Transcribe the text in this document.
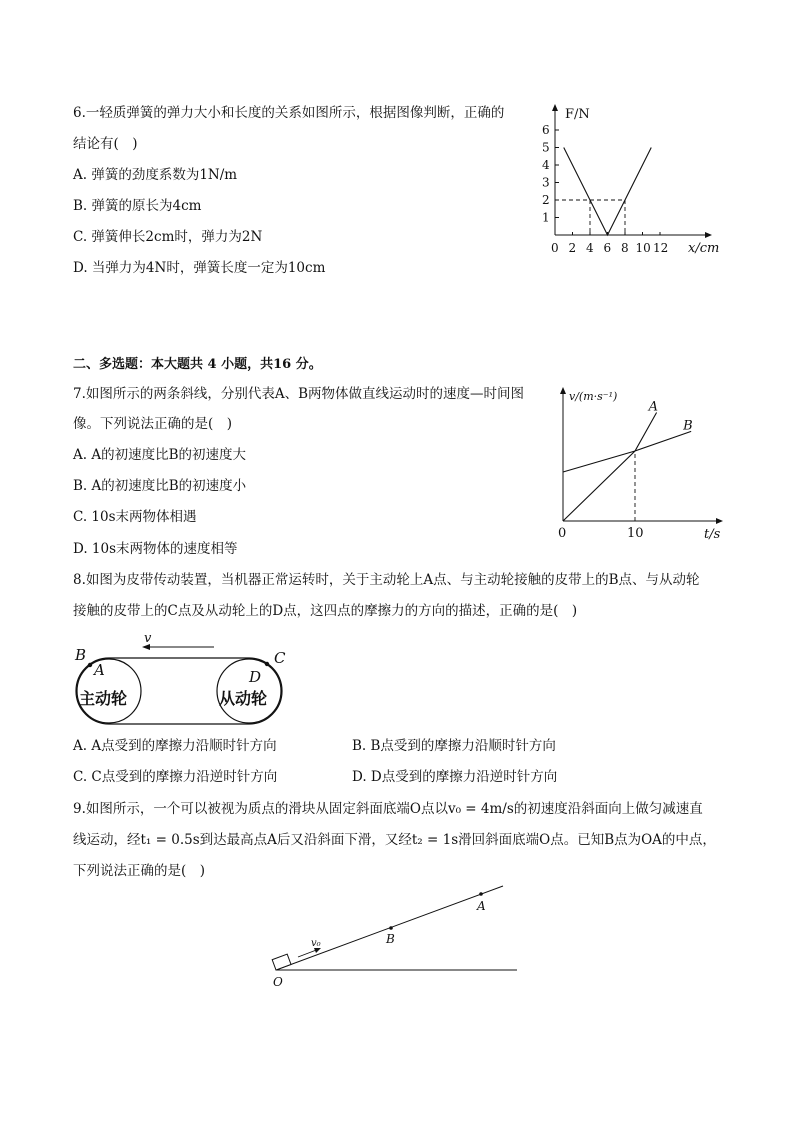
6.一轻质弹簧的弹力大小和长度的关系如图所示，根据图像判断，正确的
结论有(　)
A. 弹簧的劲度系数为1N/m
B. 弹簧的原长为4cm
C. 弹簧伸长2cm时，弹力为2N
D. 当弹力为4N时，弹簧长度一定为10cm
F/N
x/cm
1
2
3
4
5
6
0 2 4 6 8 10 12
二、多选题：本大题共 4 小题，共16 分。
7.如图所示的两条斜线，分别代表A、B两物体做直线运动时的速度—时间图
像。下列说法正确的是(　)
A. A的初速度比B的初速度大
B. A的初速度比B的初速度小
C. 10s末两物体相遇
D. 10s末两物体的速度相等
v/(m·s⁻¹)
t/s
0	10
A
B
8.如图为皮带传动装置，当机器正常运转时，关于主动轮上A点、与主动轮接触的皮带上的B点、与从动轮
接触的皮带上的C点及从动轮上的D点，这四点的摩擦力的方向的描述，正确的是(　)
v
B
A
C
D
主动轮	从动轮
A. A点受到的摩擦力沿顺时针方向	B. B点受到的摩擦力沿顺时针方向
C. C点受到的摩擦力沿逆时针方向	D. D点受到的摩擦力沿逆时针方向
9.如图所示，一个可以被视为质点的滑块从固定斜面底端O点以v₀ = 4m/s的初速度沿斜面向上做匀减速直
线运动，经t₁ = 0.5s到达最高点A后又沿斜面下滑，又经t₂ = 1s滑回斜面底端O点。已知B点为OA的中点，
下列说法正确的是(　)
v₀	B
A
O
